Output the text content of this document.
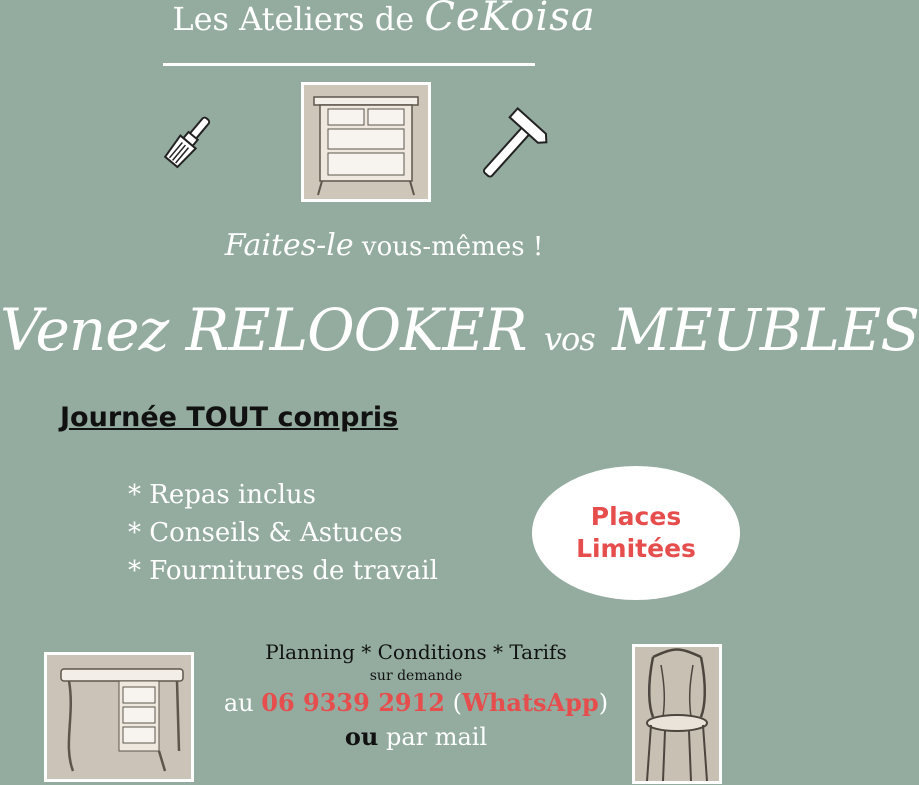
Les Ateliers de CeKoisa
Faites-le vous-mêmes !
Venez RELOOKER vos MEUBLES
Journée TOUT compris
* Repas inclus
* Conseils & Astuces
* Fournitures de travail
Places
Limitées
Planning * Conditions * Tarifs
sur demande
au 06 9339 2912 (WhatsApp)
ou par mail
